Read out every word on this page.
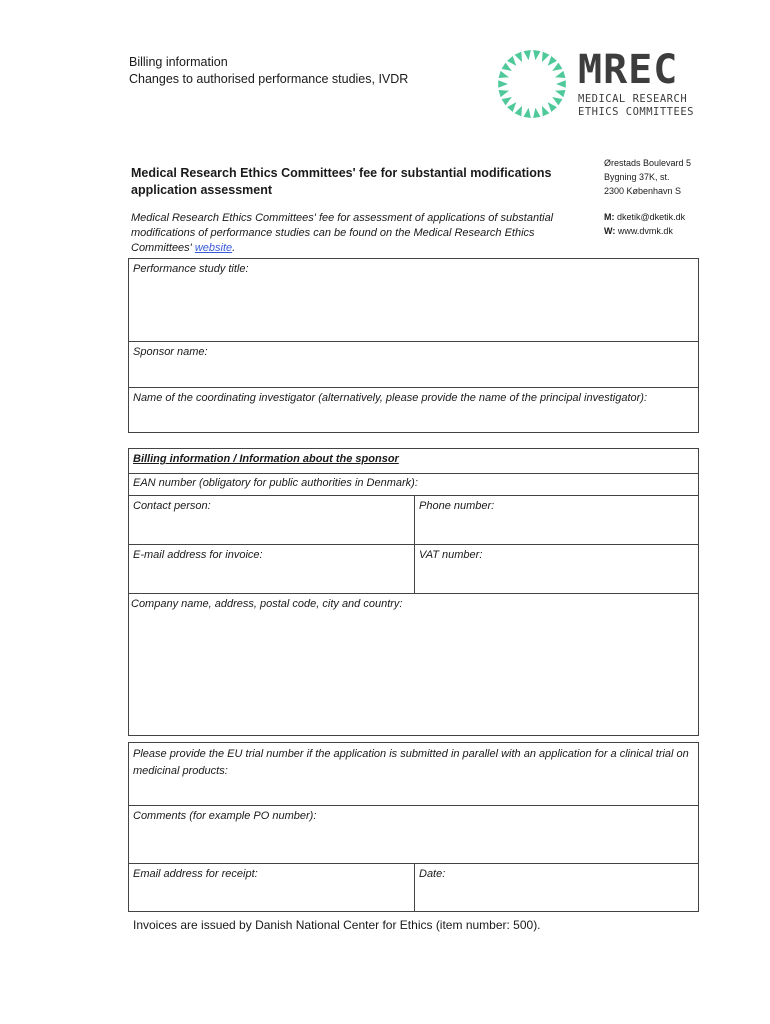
Billing information
Changes to authorised performance studies, IVDR	MREC
MEDICAL RESEARCH
ETHICS COMMITTEES
Ørestads Boulevard 5
Bygning 37K, st.
2300 København S
M: dketik@dketik.dk
W: www.dvmk.dk
Medical Research Ethics Committees' fee for substantial modifications application assessment
Medical Research Ethics Committees' fee for assessment of applications of substantial modifications of performance studies can be found on the Medical Research Ethics Committees' website.
Performance study title:
Sponsor name:
Name of the coordinating investigator (alternatively, please provide the name of the principal investigator):
Billing information / Information about the sponsor
EAN number (obligatory for public authorities in Denmark):
Contact person:	Phone number:
E-mail address for invoice:	VAT number:
Company name, address, postal code, city and country:
Please provide the EU trial number if the application is submitted in parallel with an application for a clinical trial on medicinal products:
Comments (for example PO number):
Email address for receipt:	Date:
Invoices are issued by Danish National Center for Ethics (item number: 500).
